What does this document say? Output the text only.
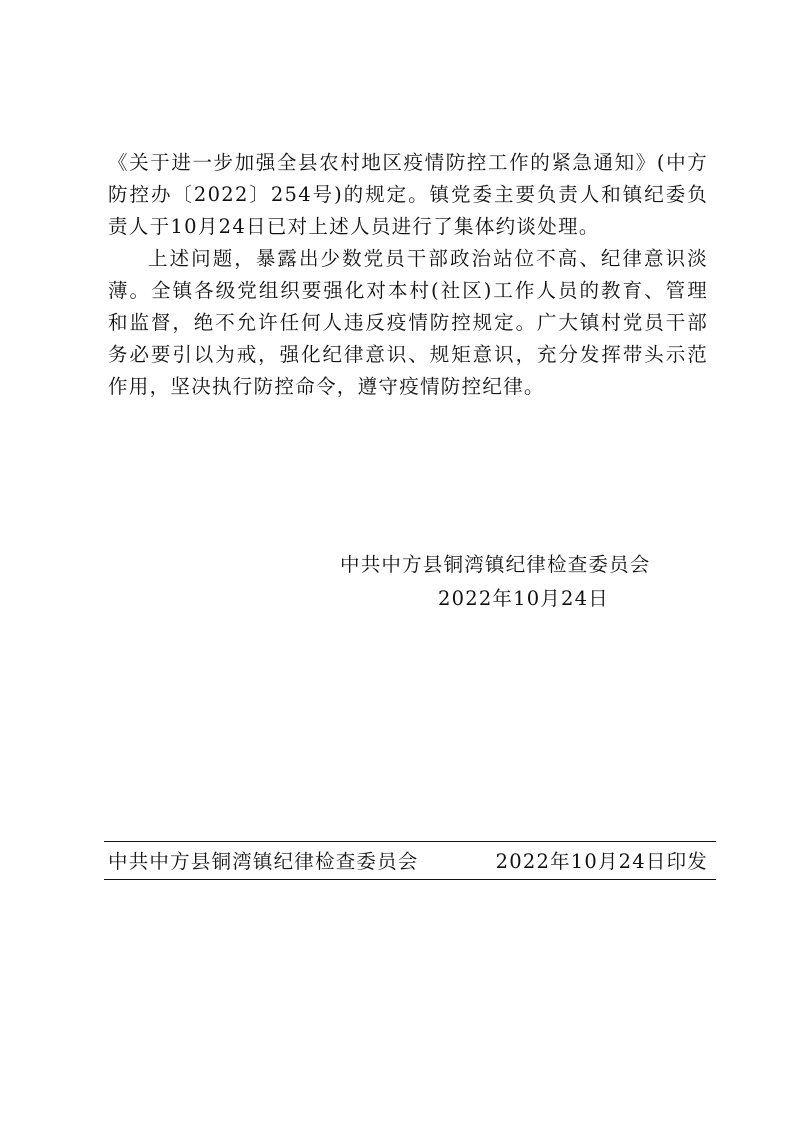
《关于进一步加强全县农村地区疫情防控工作的紧急通知》(中方防控办〔2022〕254号)的规定。镇党委主要负责人和镇纪委负责人于10月24日已对上述人员进行了集体约谈处理。

上述问题，暴露出少数党员干部政治站位不高、纪律意识淡薄。全镇各级党组织要强化对本村(社区)工作人员的教育、管理和监督，绝不允许任何人违反疫情防控规定。广大镇村党员干部务必要引以为戒，强化纪律意识、规矩意识，充分发挥带头示范作用，坚决执行防控命令，遵守疫情防控纪律。

中共中方县铜湾镇纪律检查委员会
2022年10月24日
中共中方县铜湾镇纪律检查委员会	2022年10月24日印发
